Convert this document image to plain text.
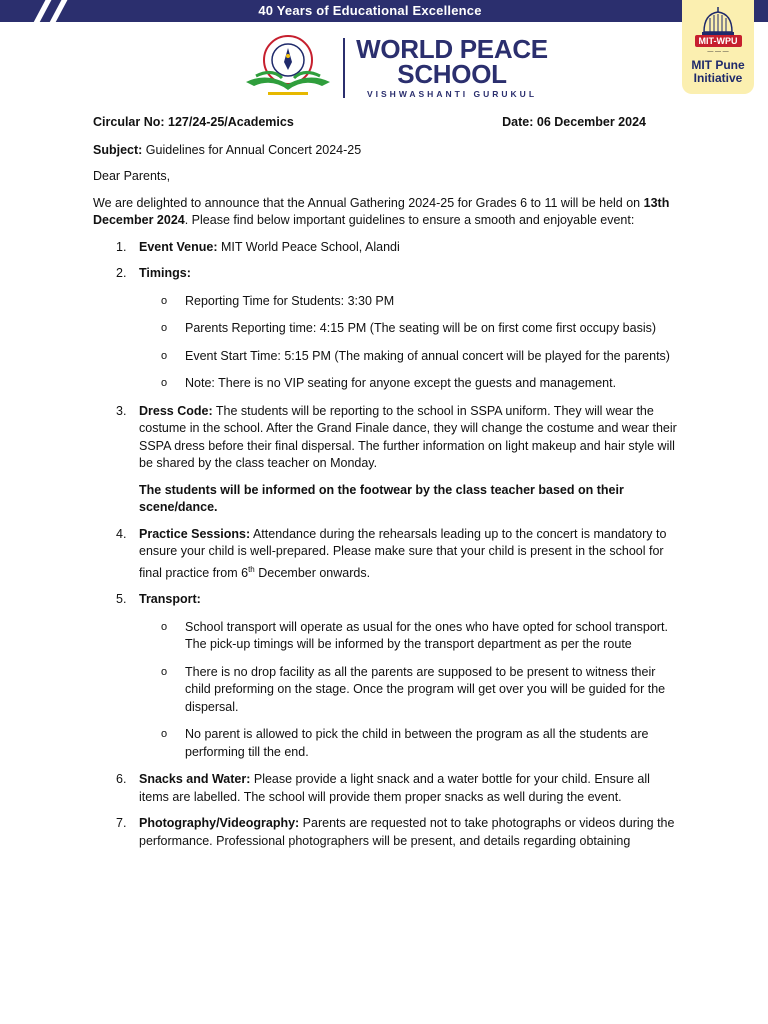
40 Years of Educational Excellence
MIT-WPU
— — —
MIT Pune
Initiative
WORLD PEACE
SCHOOL
VISHWASHANTI GURUKUL
Circular No: 127/24-25/Academics	Date: 06 December 2024

Subject: Guidelines for Annual Concert 2024-25

Dear Parents,

We are delighted to announce that the Annual Gathering 2024-25 for Grades 6 to 11 will be held on 13th December 2024. Please find below important guidelines to ensure a smooth and enjoyable event:

1. Event Venue: MIT World Peace School, Alandi
2. Timings:
o Reporting Time for Students: 3:30 PM
o Parents Reporting time: 4:15 PM (The seating will be on first come first occupy basis)
o Event Start Time: 5:15 PM (The making of annual concert will be played for the parents)
o Note: There is no VIP seating for anyone except the guests and management.
3. Dress Code: The students will be reporting to the school in SSPA uniform. They will wear the costume in the school. After the Grand Finale dance, they will change the costume and wear their SSPA dress before their final dispersal. The further information on light makeup and hair style will be shared by the class teacher on Monday.
The students will be informed on the footwear by the class teacher based on their scene/dance.
4. Practice Sessions: Attendance during the rehearsals leading up to the concert is mandatory to ensure your child is well-prepared. Please make sure that your child is present in the school for final practice from 6th December onwards.
5. Transport:
o School transport will operate as usual for the ones who have opted for school transport. The pick-up timings will be informed by the transport department as per the route
o There is no drop facility as all the parents are supposed to be present to witness their child preforming on the stage. Once the program will get over you will be guided for the dispersal.
o No parent is allowed to pick the child in between the program as all the students are performing till the end.
6. Snacks and Water: Please provide a light snack and a water bottle for your child. Ensure all items are labelled. The school will provide them proper snacks as well during the event.
7. Photography/Videography: Parents are requested not to take photographs or videos during the performance. Professional photographers will be present, and details regarding obtaining
